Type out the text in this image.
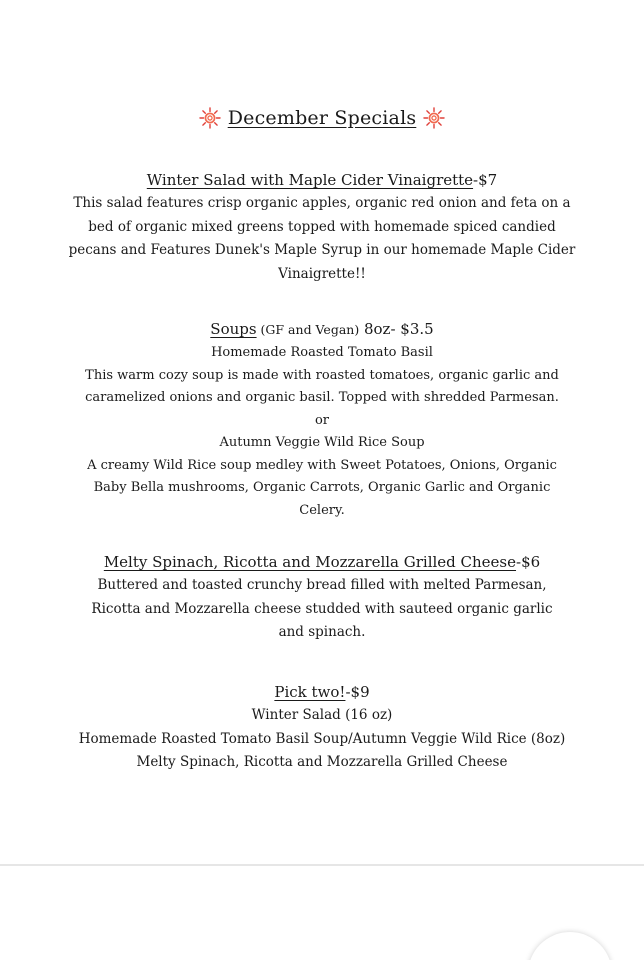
December Specials
Winter Salad with Maple Cider Vinaigrette-$7
This salad features crisp organic apples, organic red onion and feta on a
bed of organic mixed greens topped with homemade spiced candied
pecans and Features Dunek's Maple Syrup in our homemade Maple Cider
Vinaigrette!!
Soups (GF and Vegan) 8oz- $3.5
Homemade Roasted Tomato Basil
This warm cozy soup is made with roasted tomatoes, organic garlic and
caramelized onions and organic basil. Topped with shredded Parmesan.
or
Autumn Veggie Wild Rice Soup
A creamy Wild Rice soup medley with Sweet Potatoes, Onions, Organic
Baby Bella mushrooms, Organic Carrots, Organic Garlic and Organic
Celery.
Melty Spinach, Ricotta and Mozzarella Grilled Cheese-$6
Buttered and toasted crunchy bread filled with melted Parmesan,
Ricotta and Mozzarella cheese studded with sauteed organic garlic
and spinach.
Pick two!-$9
Winter Salad (16 oz)
Homemade Roasted Tomato Basil Soup/Autumn Veggie Wild Rice (8oz)
Melty Spinach, Ricotta and Mozzarella Grilled Cheese
